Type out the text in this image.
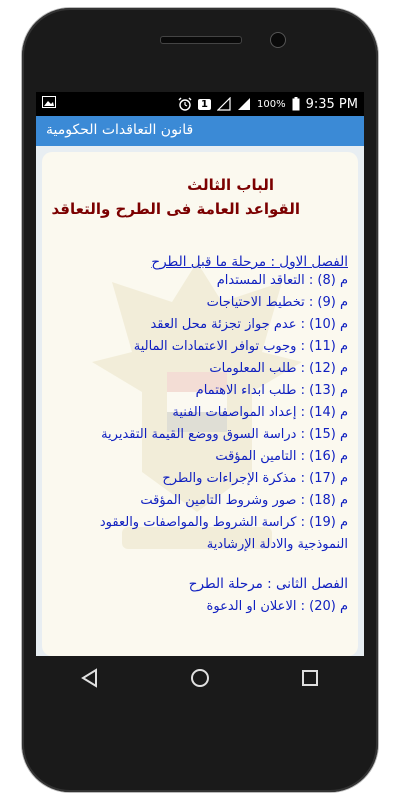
1	100% 9:35 PM
قانون التعاقدات الحكومية
الباب الثالث
القواعد العامة فى الطرح والتعاقد
الفصل الاول : مرحلة ما قبل الطرح
م (8) : التعاقد المستدام
م (9) : تخطيط الاحتياجات
م (10) : عدم جواز تجزئة محل العقد
م (11) : وجوب توافر الاعتمادات المالية
م (12) : طلب المعلومات
م (13) : طلب ابداء الاهتمام
م (14) : إعداد المواصفات الفنية
م (15) : دراسة السوق ووضع القيمة التقديرية
م (16) : التامين المؤقت
م (17) : مذكرة الإجراءات والطرح
م (18) : صور وشروط التامين المؤقت
م (19) : كراسة الشروط والمواصفات والعقود
النموذجية والادلة الإرشادية
الفصل الثانى : مرحلة الطرح
م (20) : الاعلان او الدعوة
